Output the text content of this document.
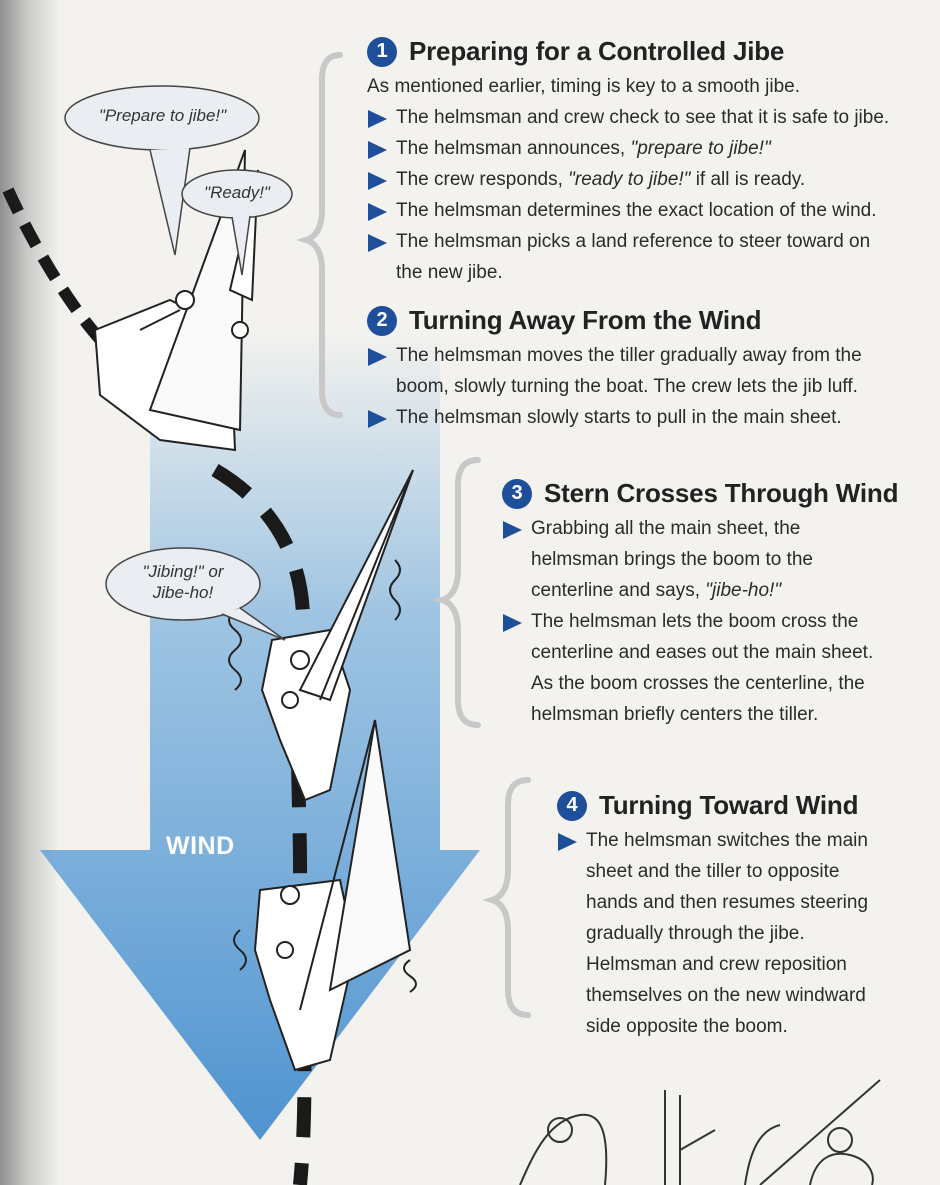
"Prepare to jibe!"
"Ready!"
"Jibing!" or
Jibe-ho!
WIND
1 Preparing for a Controlled Jibe

As mentioned earlier, timing is key to a smooth jibe.

The helmsman and crew check to see that it is safe to jibe.
The helmsman announces, "prepare to jibe!"
The crew responds, "ready to jibe!" if all is ready.
The helmsman determines the exact location of the wind.
The helmsman picks a land reference to steer toward on
the new jibe.
2 Turning Away From the Wind
The helmsman moves the tiller gradually away from the
boom, slowly turning the boat. The crew lets the jib luff.
The helmsman slowly starts to pull in the main sheet.
3 Stern Crosses Through Wind
Grabbing all the main sheet, the
helmsman brings the boom to the
centerline and says, "jibe-ho!"
The helmsman lets the boom cross the
centerline and eases out the main sheet.
As the boom crosses the centerline, the
helmsman briefly centers the tiller.
4 Turning Toward Wind
The helmsman switches the main
sheet and the tiller to opposite
hands and then resumes steering
gradually through the jibe.
Helmsman and crew reposition
themselves on the new windward
side opposite the boom.
